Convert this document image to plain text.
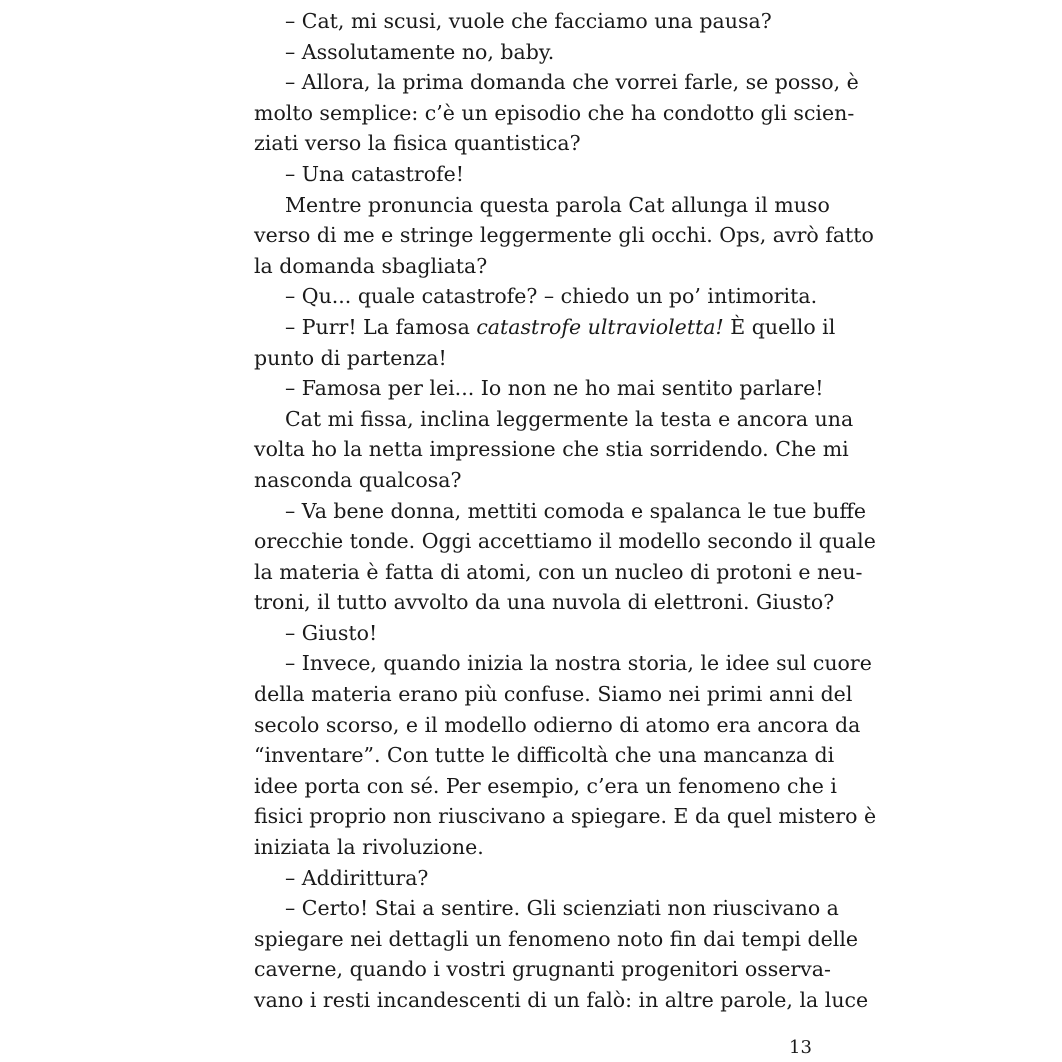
– Cat, mi scusi, vuole che facciamo una pausa?
– Assolutamente no, baby.
– Allora, la prima domanda che vorrei farle, se posso, è
molto semplice: c’è un episodio che ha condotto gli scien-
ziati verso la fisica quantistica?
– Una catastrofe!
Mentre pronuncia questa parola Cat allunga il muso
verso di me e stringe leggermente gli occhi. Ops, avrò fatto
la domanda sbagliata?
– Qu... quale catastrofe? – chiedo un po’ intimorita.
– Purr! La famosa catastrofe ultravioletta! È quello il
punto di partenza!
– Famosa per lei... Io non ne ho mai sentito parlare!
Cat mi fissa, inclina leggermente la testa e ancora una
volta ho la netta impressione che stia sorridendo. Che mi
nasconda qualcosa?
– Va bene donna, mettiti comoda e spalanca le tue buffe
orecchie tonde. Oggi accettiamo il modello secondo il quale
la materia è fatta di atomi, con un nucleo di protoni e neu-
troni, il tutto avvolto da una nuvola di elettroni. Giusto?
– Giusto!
– Invece, quando inizia la nostra storia, le idee sul cuore
della materia erano più confuse. Siamo nei primi anni del
secolo scorso, e il modello odierno di atomo era ancora da
“inventare”. Con tutte le difficoltà che una mancanza di
idee porta con sé. Per esempio, c’era un fenomeno che i
fisici proprio non riuscivano a spiegare. E da quel mistero è
iniziata la rivoluzione.
– Addirittura?
– Certo! Stai a sentire. Gli scienziati non riuscivano a
spiegare nei dettagli un fenomeno noto fin dai tempi delle
caverne, quando i vostri grugnanti progenitori osserva-
vano i resti incandescenti di un falò: in altre parole, la luce
13
